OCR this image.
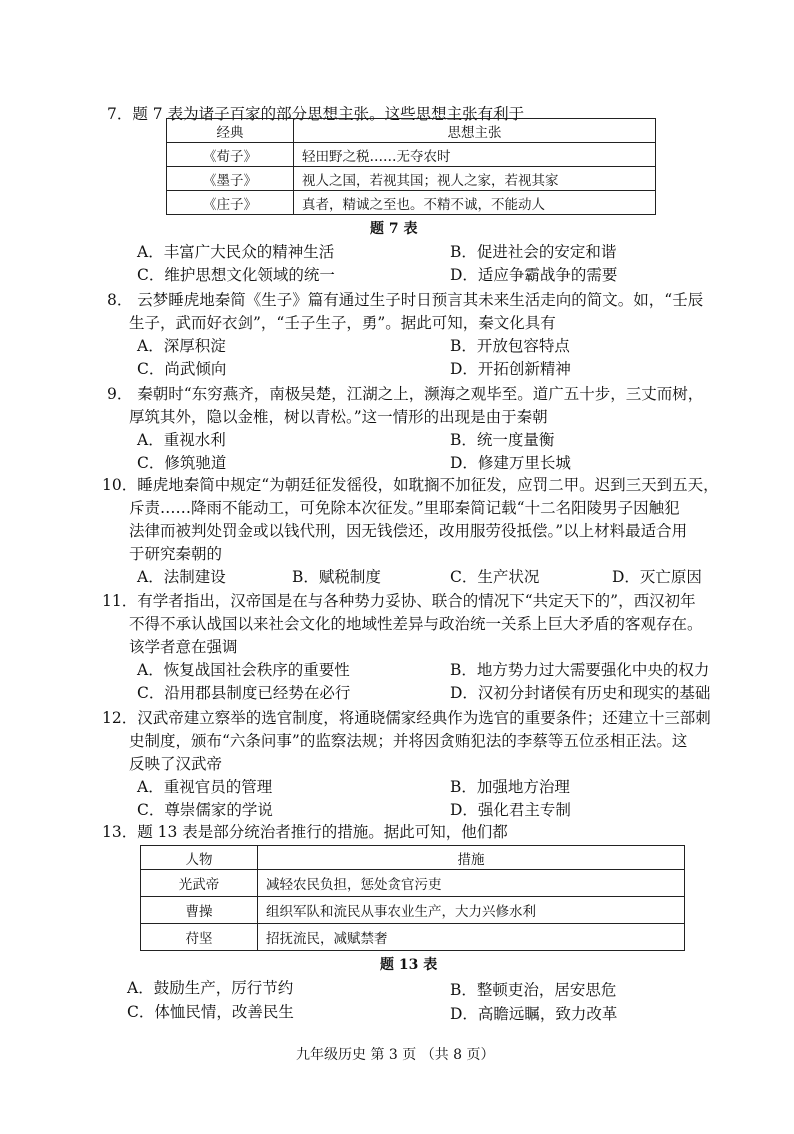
7．题 7 表为诸子百家的部分思想主张。这些思想主张有利于
经典	思想主张
《荀子》	轻田野之税……无夺农时
《墨子》	视人之国，若视其国；视人之家，若视其家
《庄子》	真者，精诚之至也。不精不诚，不能动人
题 7 表
A．丰富广大民众的精神生活	B．促进社会的安定和谐
C．维护思想文化领域的统一	D．适应争霸战争的需要
8． 云梦睡虎地秦简《生子》篇有通过生子时日预言其未来生活走向的简文。如，“壬辰
生子，武而好衣剑”，“壬子生子，勇”。据此可知，秦文化具有
A．深厚积淀	B．开放包容特点
C．尚武倾向	D．开拓创新精神
9． 秦朝时“东穷燕齐，南极吴楚，江湖之上，濒海之观毕至。道广五十步，三丈而树，
厚筑其外，隐以金椎，树以青松。”这一情形的出现是由于秦朝
A．重视水利	B．统一度量衡
C．修筑驰道	D．修建万里长城
10．睡虎地秦简中规定“为朝廷征发徭役，如耽搁不加征发，应罚二甲。迟到三天到五天，
斥责……降雨不能动工，可免除本次征发。”里耶秦简记载“十二名阳陵男子因触犯
法律而被判处罚金或以钱代刑，因无钱偿还，改用服劳役抵偿。”以上材料最适合用
于研究秦朝的
A．法制建设	B．赋税制度	C．生产状况	D．灭亡原因
11．有学者指出，汉帝国是在与各种势力妥协、联合的情况下“共定天下的”，西汉初年
不得不承认战国以来社会文化的地域性差异与政治统一关系上巨大矛盾的客观存在。
该学者意在强调
A．恢复战国社会秩序的重要性	B．地方势力过大需要强化中央的权力
C．沿用郡县制度已经势在必行	D．汉初分封诸侯有历史和现实的基础
12．汉武帝建立察举的选官制度，将通晓儒家经典作为选官的重要条件；还建立十三部刺
史制度，颁布“六条问事”的监察法规；并将因贪贿犯法的李蔡等五位丞相正法。这
反映了汉武帝
A．重视官员的管理	B．加强地方治理
C．尊崇儒家的学说	D．强化君主专制
13．题 13 表是部分统治者推行的措施。据此可知，他们都
人物	措施
光武帝	减轻农民负担，惩处贪官污吏
曹操	组织军队和流民从事农业生产，大力兴修水利
苻坚	招抚流民，减赋禁奢
题 13 表
A．鼓励生产，厉行节约	B．整顿吏治，居安思危
C．体恤民情，改善民生	D．高瞻远瞩，致力改革
九年级历史 第 3 页 （共 8 页）
